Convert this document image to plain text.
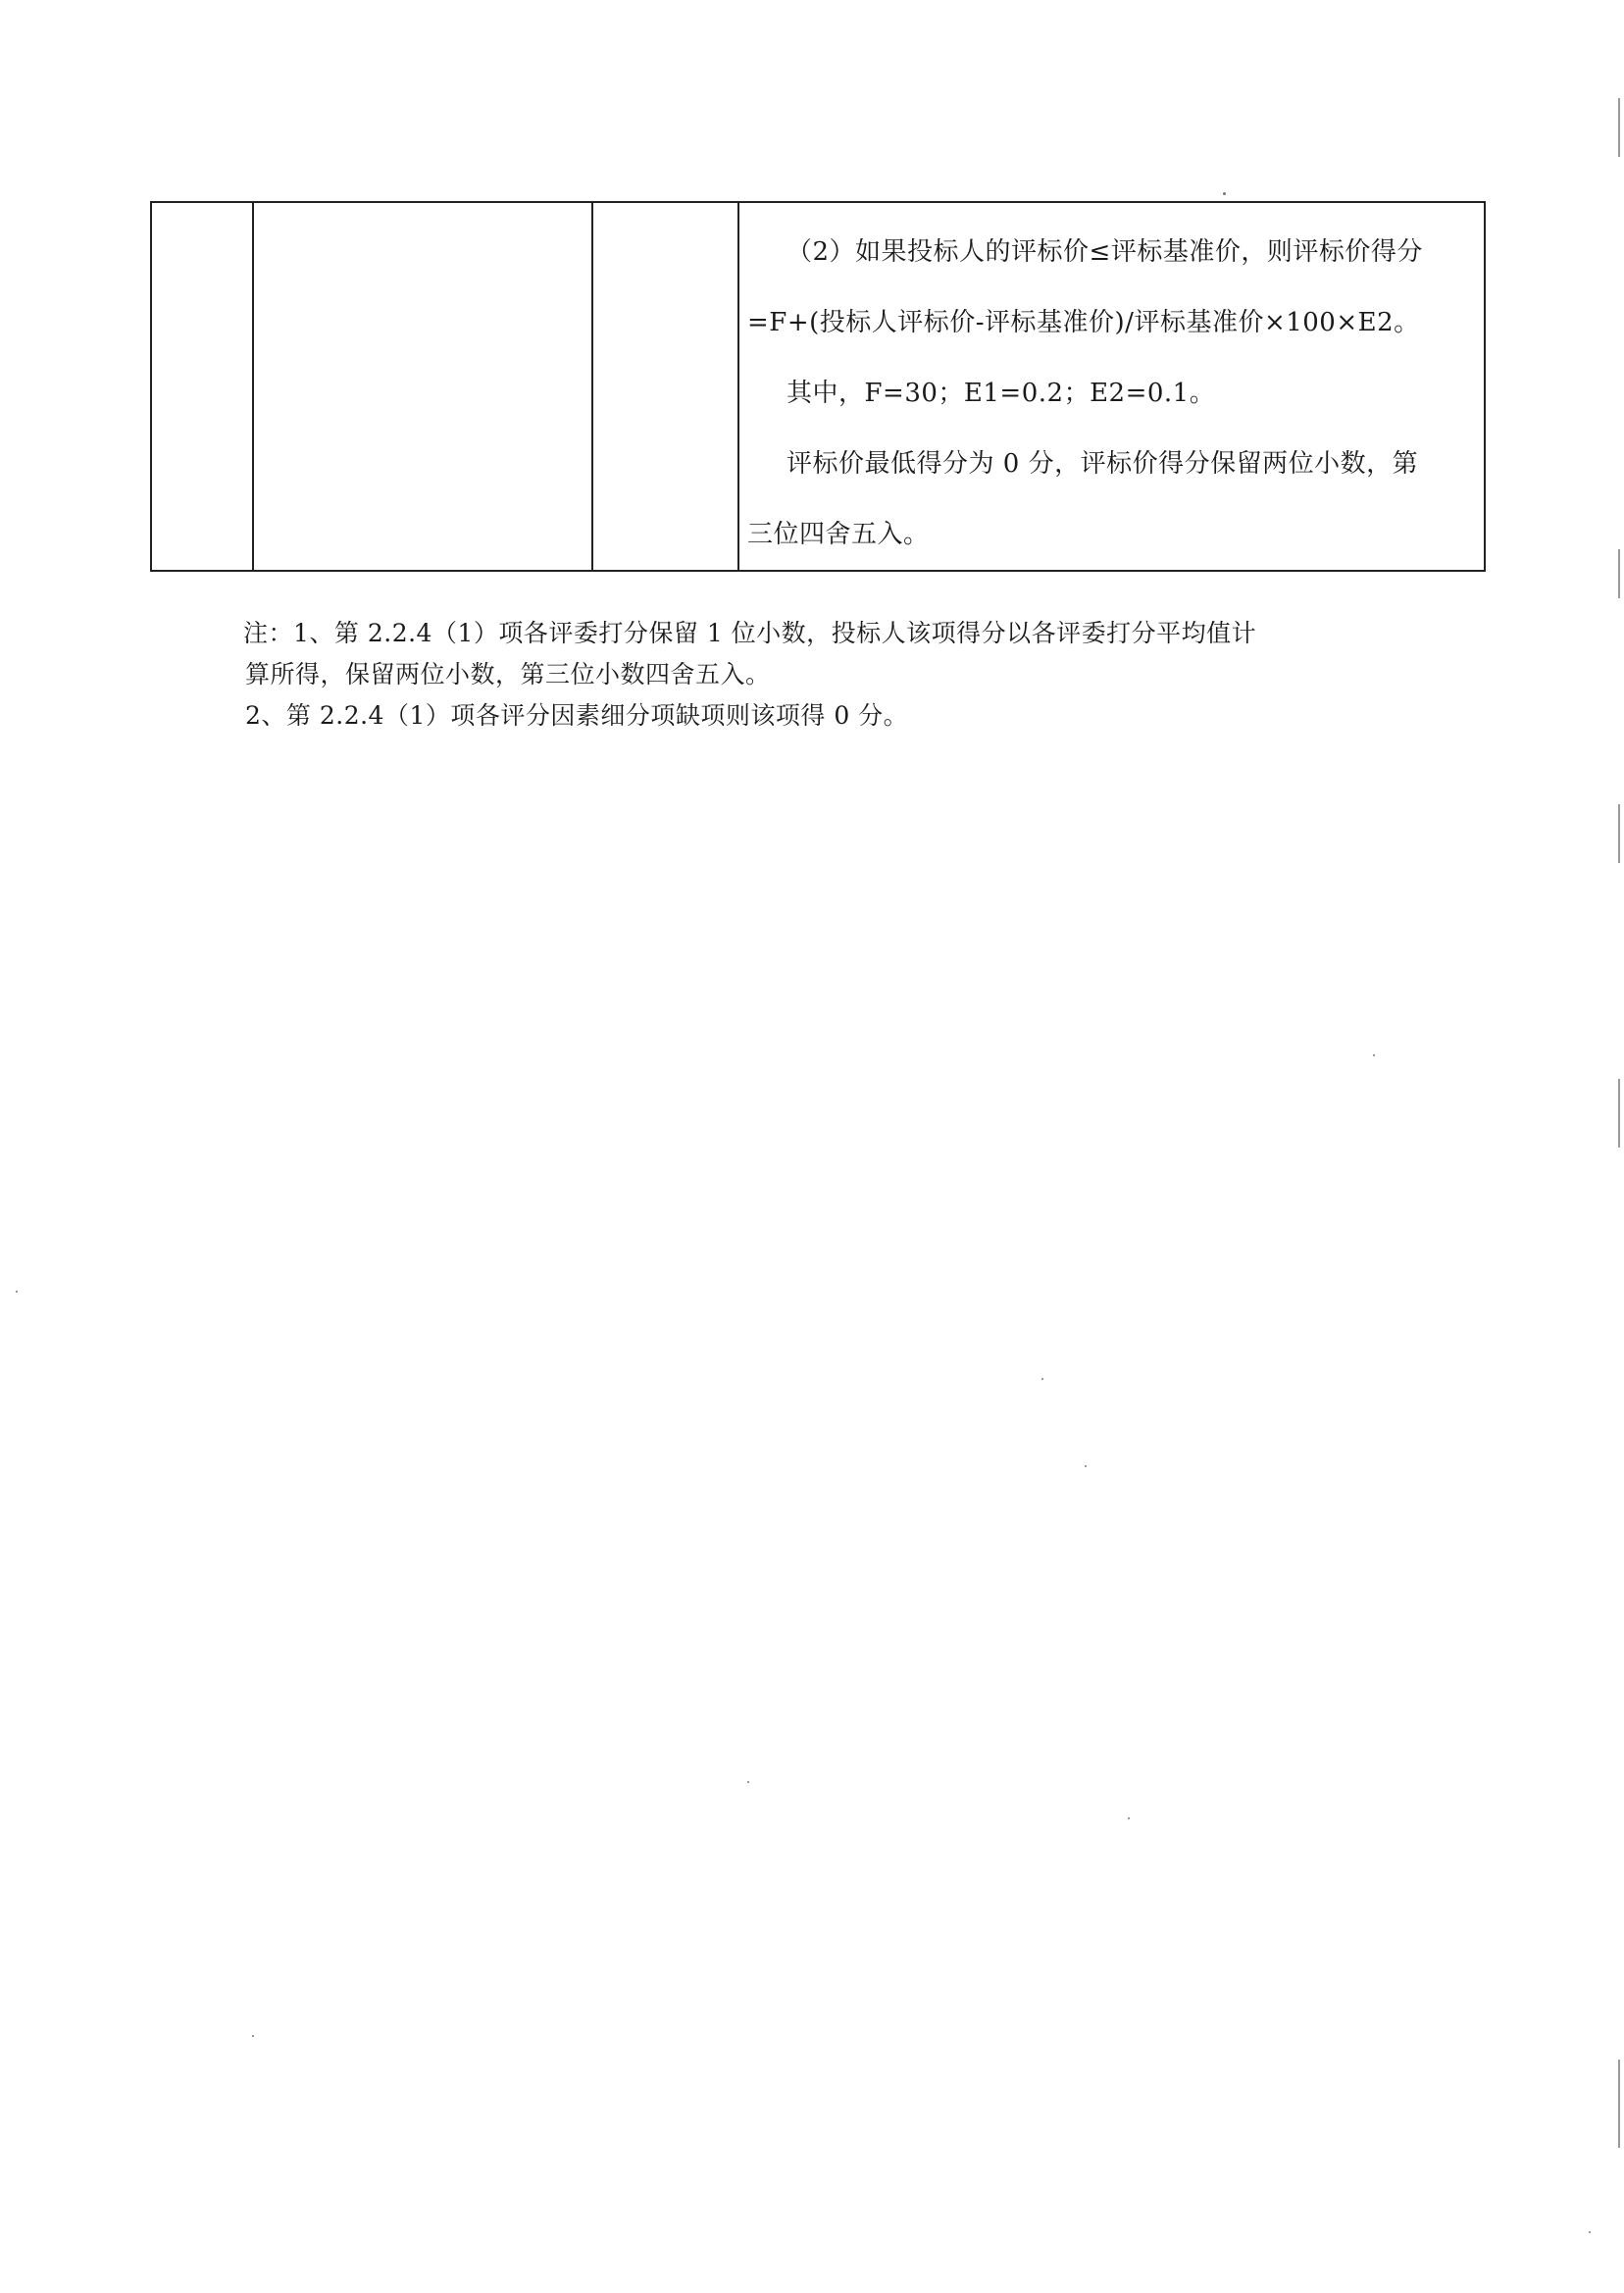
（2）如果投标人的评标价≤评标基准价，则评标价得分

=F+(投标人评标价-评标基准价)/评标基准价×100×E2。

其中，F=30；E1=0.2；E2=0.1。

评标价最低得分为 0 分，评标价得分保留两位小数，第

三位四舍五入。

注：1、第 2.2.4（1）项各评委打分保留 1 位小数，投标人该项得分以各评委打分平均值计

算所得，保留两位小数，第三位小数四舍五入。

2、第 2.2.4（1）项各评分因素细分项缺项则该项得 0 分。
